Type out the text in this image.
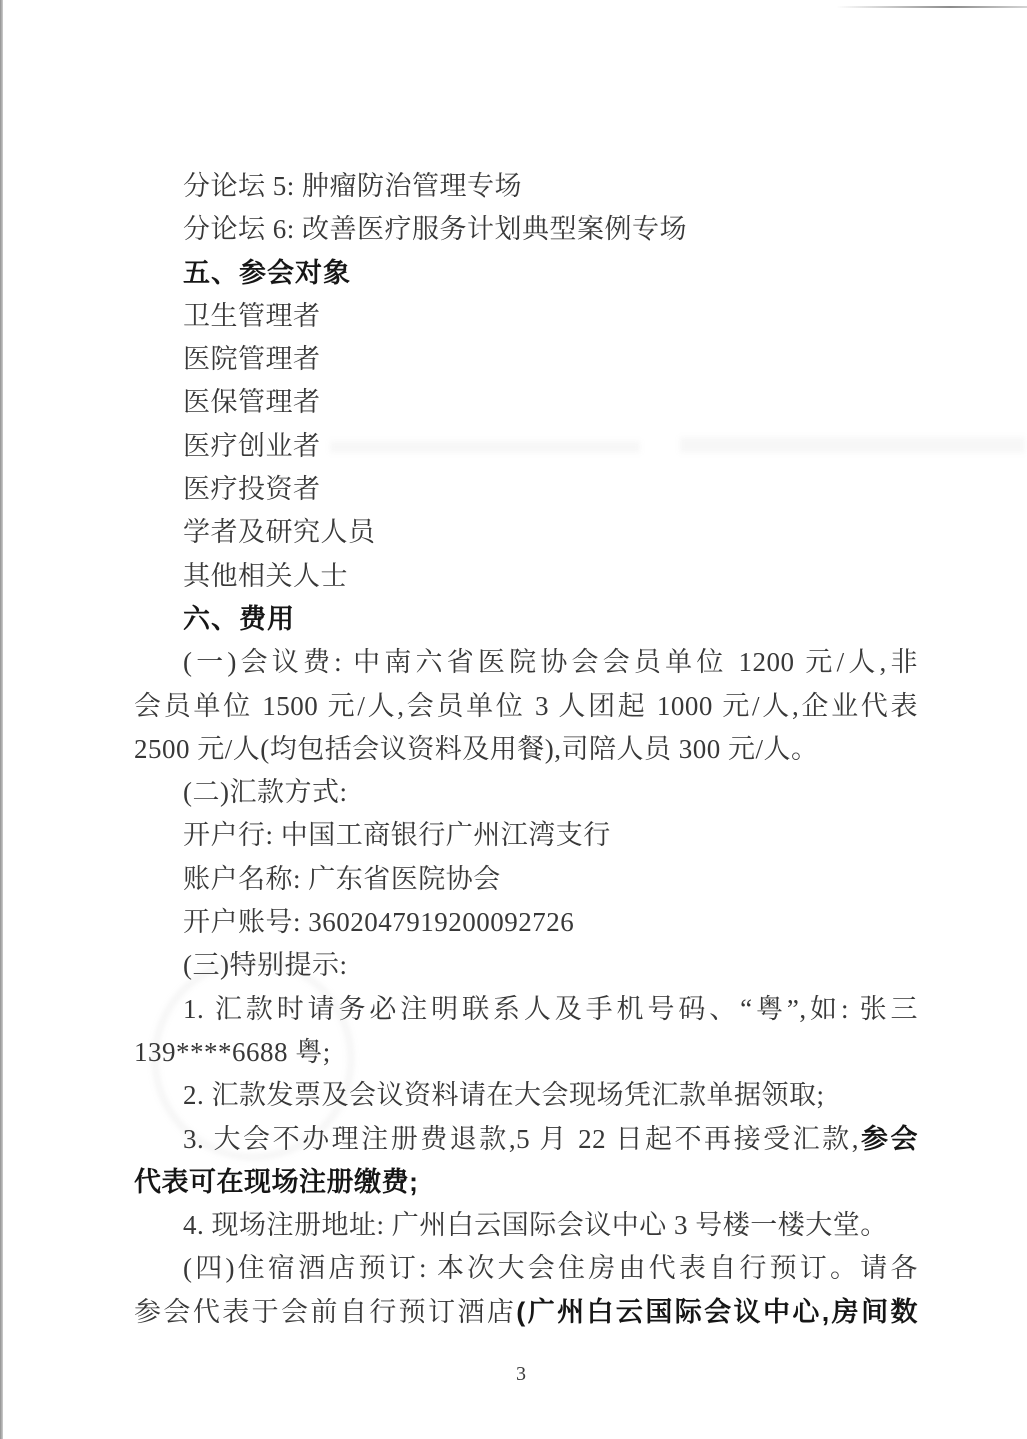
分论坛 5: 肿瘤防治管理专场
分论坛 6: 改善医疗服务计划典型案例专场
五、参会对象
卫生管理者
医院管理者
医保管理者
医疗创业者
医疗投资者
学者及研究人员
其他相关人士
六、费用
(一)会议费: 中南六省医院协会会员单位 1200 元/人,非
会员单位 1500 元/人,会员单位 3 人团起 1000 元/人,企业代表
2500 元/人(均包括会议资料及用餐),司陪人员 300 元/人。
(二)汇款方式:
开户行: 中国工商银行广州江湾支行
账户名称: 广东省医院协会
开户账号: 3602047919200092726
(三)特别提示:
1. 汇款时请务必注明联系人及手机号码、“粤”,如: 张三
139****6688 粤;
2. 汇款发票及会议资料请在大会现场凭汇款单据领取;
3. 大会不办理注册费退款,5 月 22 日起不再接受汇款,参会
代表可在现场注册缴费;
4. 现场注册地址: 广州白云国际会议中心 3 号楼一楼大堂。
(四)住宿酒店预订: 本次大会住房由代表自行预订。请各
参会代表于会前自行预订酒店(广州白云国际会议中心,房间数
3
